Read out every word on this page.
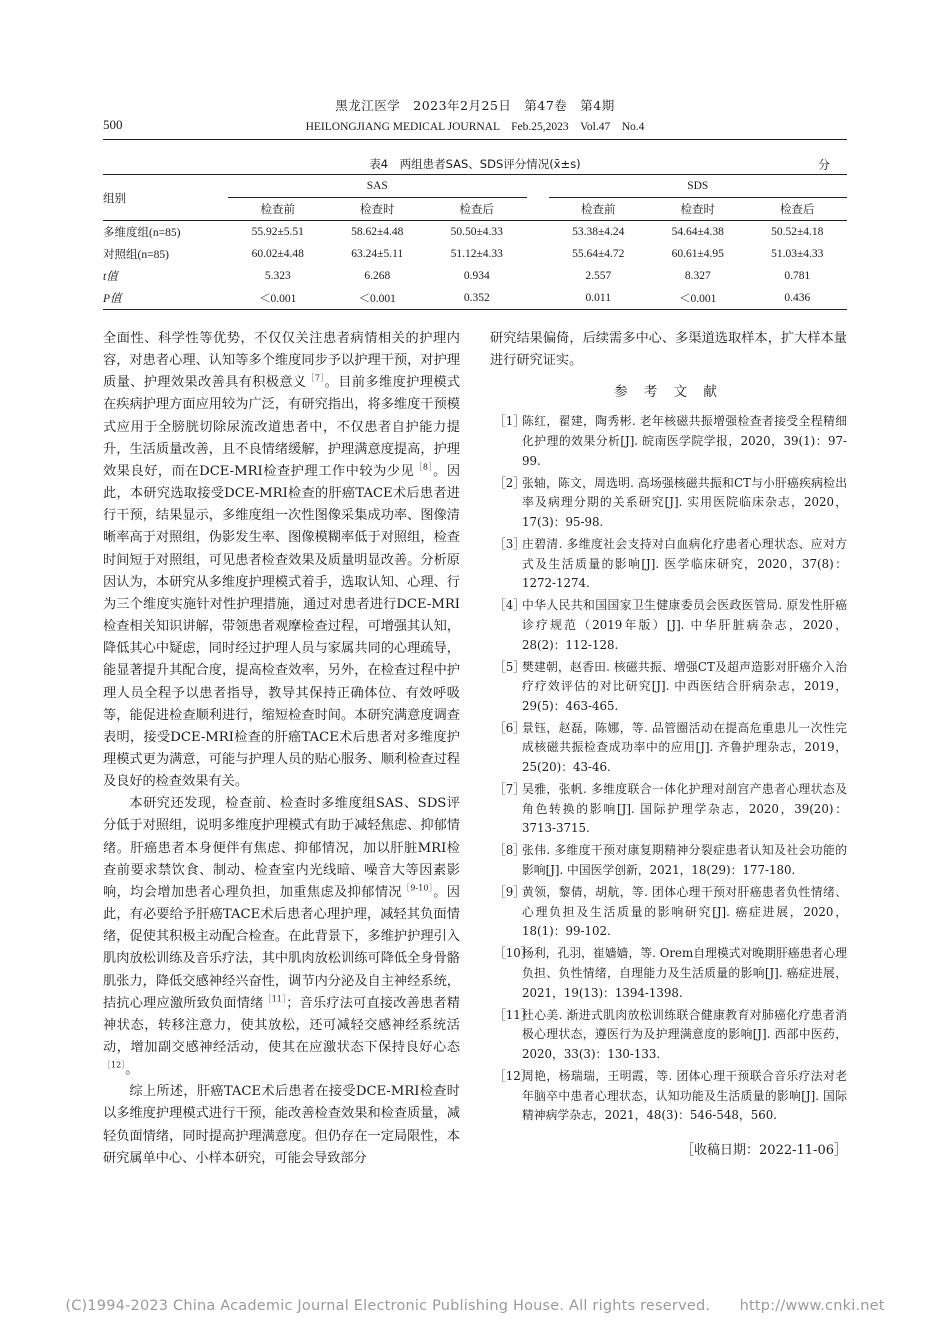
黑龙江医学　2023年2月25日　第47卷　第4期
500	HEILONGJIANG MEDICAL JOURNAL　Feb.25,2023　Vol.47　No.4
表4　两组患者SAS、SDS评分情况(x̄±s)	分
组别		SAS				SDS		
		检查前	检查时	检查后		检查前	检查时	检查后
多维度组(n=85)		55.92±5.51	58.62±4.48	50.50±4.33		53.38±4.24	54.64±4.38	50.52±4.18
对照组(n=85)		60.02±4.48	63.24±5.11	51.12±4.33		55.64±4.72	60.61±4.95	51.03±4.33
t值		5.323	6.268	0.934		2.557	8.327	0.781
P值		＜0.001	＜0.001	0.352		0.011	＜0.001	0.436

全面性、科学性等优势，不仅仅关注患者病情相关的护理内容，对患者心理、认知等多个维度同步予以护理干预，对护理质量、护理效果改善具有积极意义$^{[7]}$。目前多维度护理模式在疾病护理方面应用较为广泛，有研究指出，将多维度干预模式应用于全膀胱切除尿流改道患者中，不仅患者自护能力提升，生活质量改善，且不良情绪缓解，护理满意度提高，护理效果良好，而在DCE-MRI检查护理工作中较为少见$^{[8]}$。因此，本研究选取接受DCE-MRI检查的肝癌TACE术后患者进行干预，结果显示，多维度组一次性图像采集成功率、图像清晰率高于对照组，伪影发生率、图像模糊率低于对照组，检查时间短于对照组，可见患者检查效果及质量明显改善。分析原因认为，本研究从多维度护理模式着手，选取认知、心理、行为三个维度实施针对性护理措施，通过对患者进行DCE-MRI检查相关知识讲解，带领患者观摩检查过程，可增强其认知，降低其心中疑虑，同时经过护理人员与家属共同的心理疏导，能显著提升其配合度，提高检查效率，另外，在检查过程中护理人员全程予以患者指导，教导其保持正确体位、有效呼吸等，能促进检查顺利进行，缩短检查时间。本研究满意度调查表明，接受DCE-MRI检查的肝癌TACE术后患者对多维度护理模式更为满意，可能与护理人员的贴心服务、顺利检查过程及良好的检查效果有关。

本研究还发现，检查前、检查时多维度组SAS、SDS评分低于对照组，说明多维度护理模式有助于减轻焦虑、抑郁情绪。肝癌患者本身便伴有焦虑、抑郁情况，加以肝脏MRI检查前要求禁饮食、制动、检查室内光线暗、噪音大等因素影响，均会增加患者心理负担，加重焦虑及抑郁情况$^{[9-10]}$。因此，有必要给予肝癌TACE术后患者心理护理，减轻其负面情绪，促使其积极主动配合检查。在此背景下，多维护护理引入肌肉放松训练及音乐疗法，其中肌肉放松训练可降低全身骨骼肌张力，降低交感神经兴奋性，调节内分泌及自主神经系统，拮抗心理应激所致负面情绪$^{[11]}$；音乐疗法可直接改善患者精神状态，转移注意力，使其放松，还可减轻交感神经系统活动，增加副交感神经活动，使其在应激状态下保持良好心态$^{[12]}$。

综上所述，肝癌TACE术后患者在接受DCE-MRI检查时以多维度护理模式进行干预，能改善检查效果和检查质量，减轻负面情绪，同时提高护理满意度。但仍存在一定局限性，本研究属单中心、小样本研究，可能会导致部分

研究结果偏倚，后续需多中心、多渠道选取样本，扩大样本量进行研究证实。

参 考 文 献
［1］
陈红，翟建，陶秀彬. 老年核磁共振增强检查者接受全程精细化护理的效果分析[J]. 皖南医学院学报，2020，39(1)：97-99.
［2］
张轴，陈文，周选明. 高场强核磁共振和CT与小肝癌疾病检出率及病理分期的关系研究[J]. 实用医院临床杂志，2020，17(3)：95-98.
［3］
庄碧清. 多维度社会支持对白血病化疗患者心理状态、应对方式及生活质量的影响[J]. 医学临床研究，2020，37(8)：1272-1274.
［4］
中华人民共和国国家卫生健康委员会医政医管局. 原发性肝癌诊疗规范（2019年版）[J]. 中华肝脏病杂志，2020，28(2)：112-128.
［5］
樊建朝，赵香田. 核磁共振、增强CT及超声造影对肝癌介入治疗疗效评估的对比研究[J]. 中西医结合肝病杂志，2019，29(5)：463-465.
［6］
景钰，赵磊，陈娜，等. 品管圈活动在提高危重患儿一次性完成核磁共振检查成功率中的应用[J]. 齐鲁护理杂志，2019，25(20)：43-46.
［7］
吴雅，张帆. 多维度联合一体化护理对剖宫产患者心理状态及角色转换的影响[J]. 国际护理学杂志，2020，39(20)：3713-3715.
［8］
张伟. 多维度干预对康复期精神分裂症患者认知及社会功能的影响[J]. 中国医学创新，2021，18(29)：177-180.
［9］
黄领，黎倩，胡航，等. 团体心理干预对肝癌患者负性情绪、心理负担及生活质量的影响研究[J]. 癌症进展，2020，18(1)：99-102.
［10］
杨利，孔羽，崔嫱嫱，等. Orem自理模式对晚期肝癌患者心理负担、负性情绪，自理能力及生活质量的影响[J]. 癌症进展，2021，19(13)：1394-1398.
［11］
杜心美. 渐进式肌肉放松训练联合健康教育对肺癌化疗患者消极心理状态，遵医行为及护理满意度的影响[J]. 西部中医药，2020，33(3)：130-133.
［12］
周艳，杨瑞瑞，王明霞，等. 团体心理干预联合音乐疗法对老年脑卒中患者心理状态，认知功能及生活质量的影响[J]. 国际精神病学杂志，2021，48(3)：546-548，560.
［收稿日期：2022-11-06］
(C)1994-2023 China Academic Journal Electronic Publishing House. All rights reserved.　　http://www.cnki.net
